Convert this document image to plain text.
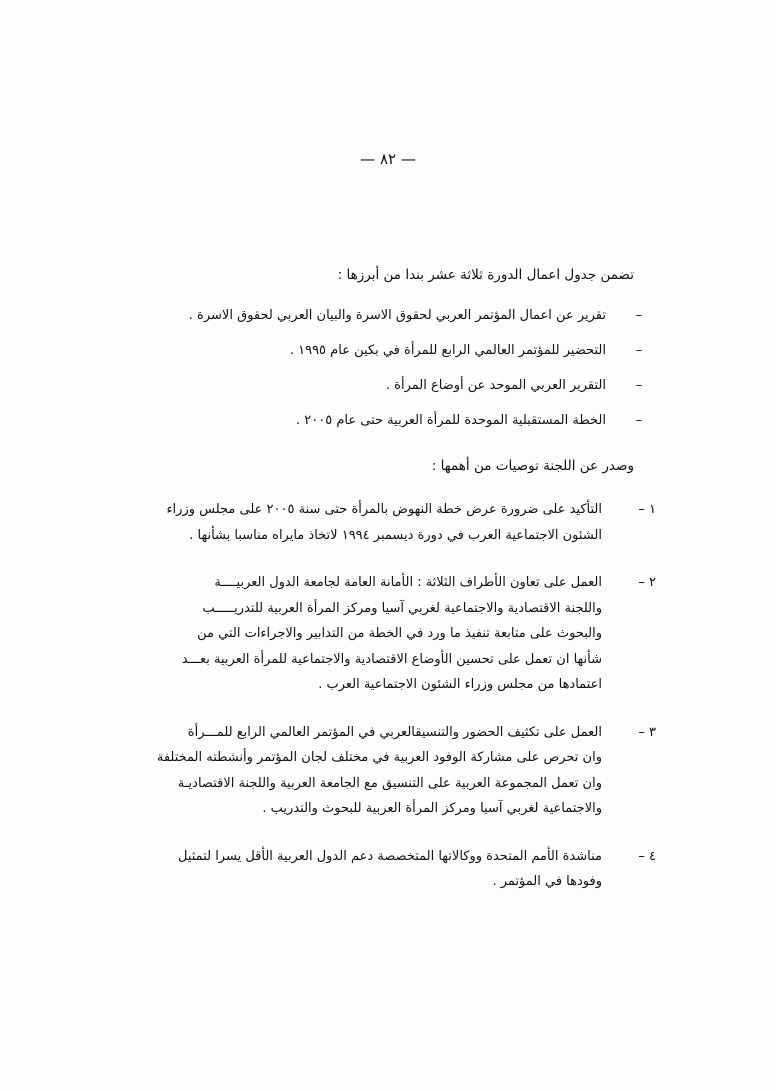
— ٨٢ —

تضمن جدول اعمال الدورة ثلاثة عشر بندا من أبرزها :

–
تقرير عن اعمال المؤتمر العربي لحقوق الاسرة والبيان العربي لحقوق الاسرة .
–
التحضير للمؤتمر العالمي الرابع للمرأة في بكين عام ١٩٩٥ .
–
التقرير العربي الموحد عن أوضاع المرأة .
–
الخطة المستقبلية الموحدة للمرأة العربية حتى عام ٢٠٠٥ .

وصدر عن اللجنة توصيات من أهمها :

١ –

التأكيد على ضرورة عرض خطة النهوض بالمرأة حتى سنة ٢٠٠٥ على مجلس وزراء

الشئون الاجتماعية العرب في دورة ديسمبر ١٩٩٤ لاتخاذ مايراه مناسبا بشأنها .

٢ –

العمل على تعاون الأطراف الثلاثة : الأمانة العامة لجامعة الدول العربيــــة

واللجنة الاقتصادية والاجتماعية لغربي آسيا ومركز المرأة العربية للتدريـــــب

والبحوث على متابعة تنفيذ ما ورد في الخطة من التدابير والاجراءات التي من

شأنها ان تعمل على تحسين الأوضاع الاقتصادية والاجتماعية للمرأة العربية بعـــد

اعتمادها من مجلس وزراء الشئون الاجتماعية العرب .

٣ –

العمل على تكثيف الحضور والتنسيقالعربي في المؤتمر العالمي الرابع للمـــرأة

وان تحرص على مشاركة الوفود العربية في مختلف لجان المؤتمر وأنشطته المختلفة

وان تعمل المجموعة العربية على التنسيق مع الجامعة العربية واللجنة الاقتصاديـة

والاجتماعية لغربي آسيا ومركز المرأة العربية للبحوث والتدريب .

٤ –

مناشدة الأمم المتحدة ووكالاتها المتخصصة دعم الدول العربية الأقل يسرا لتمثيل

وفودها في المؤتمر .
